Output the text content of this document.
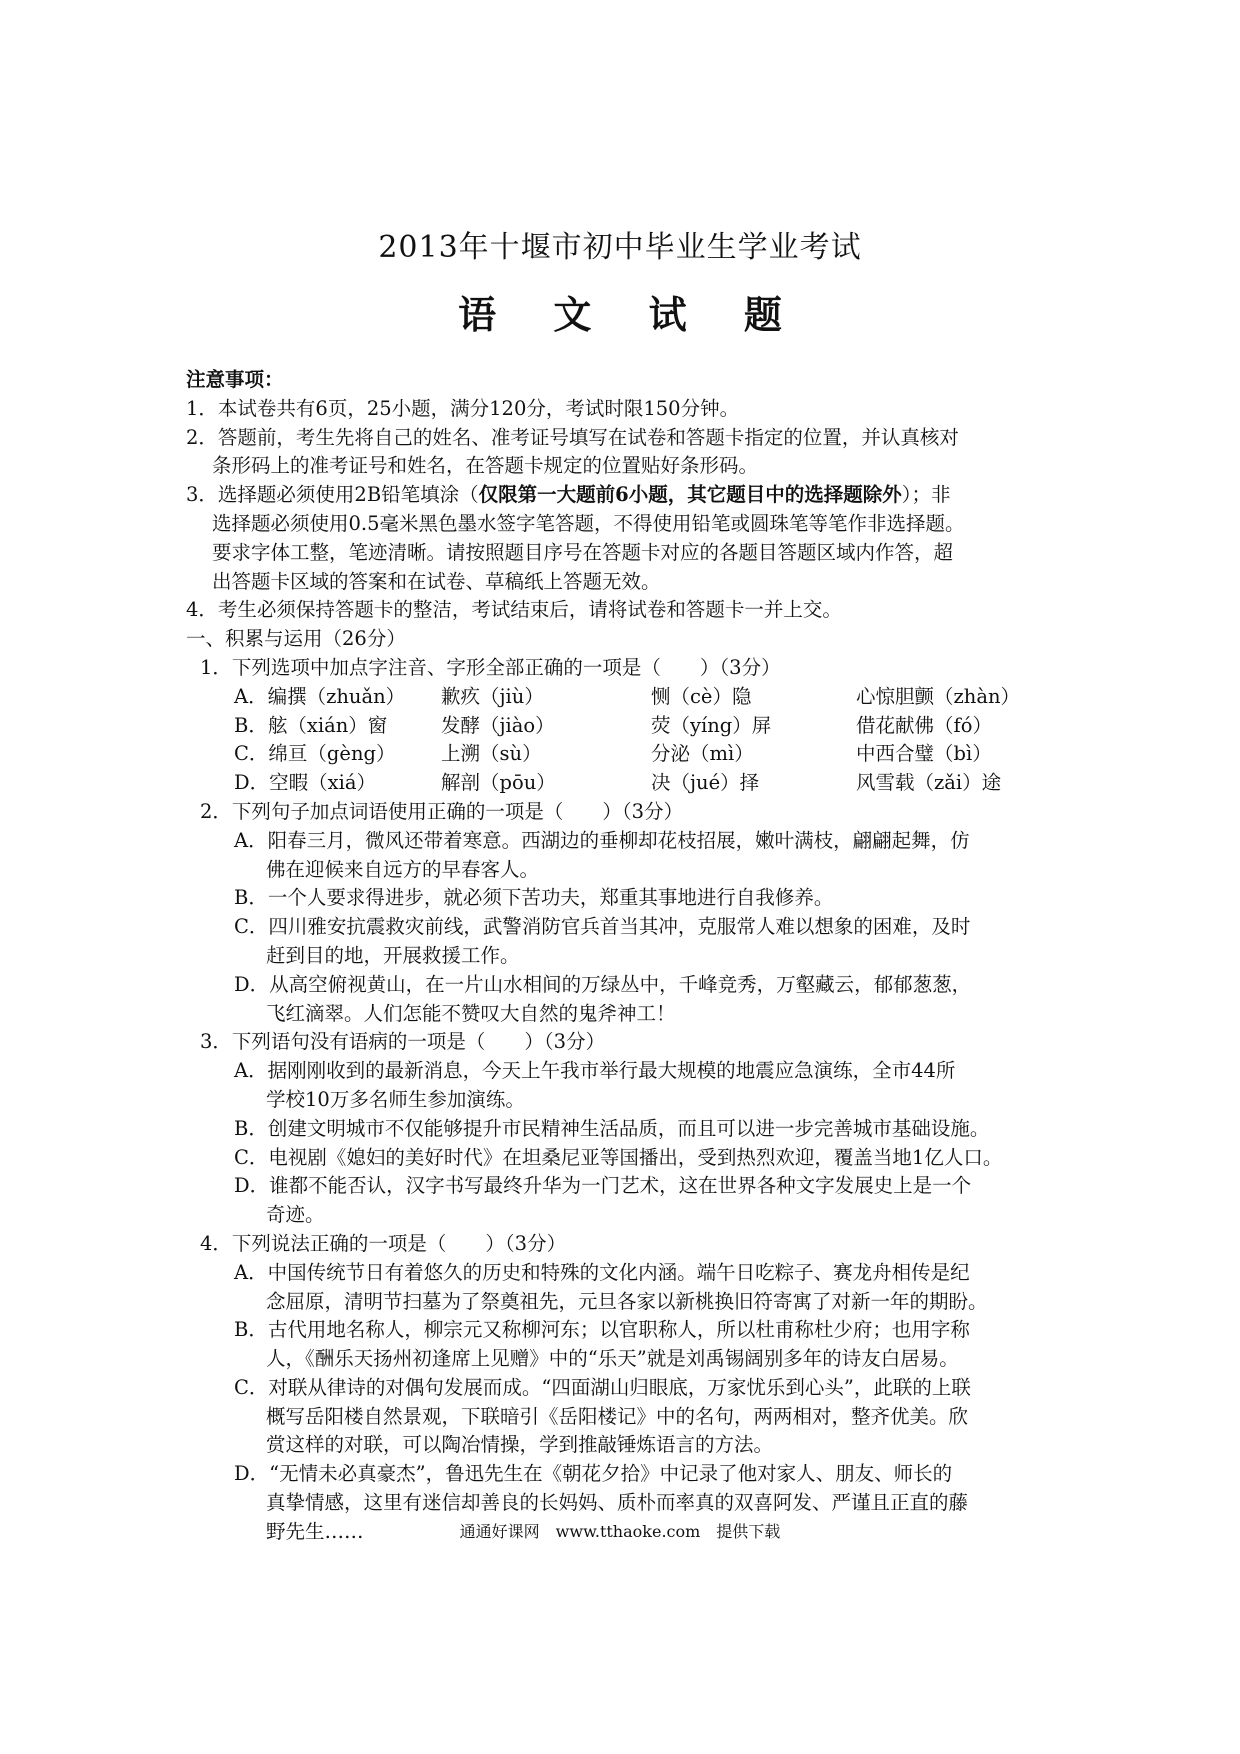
2013年十堰市初中毕业生学业考试
语 文 试 题
注意事项：
1．本试卷共有6页，25小题，满分120分，考试时限150分钟。
2．答题前，考生先将自己的姓名、准考证号填写在试卷和答题卡指定的位置，并认真核对
条形码上的准考证号和姓名，在答题卡规定的位置贴好条形码。
3．选择题必须使用2B铅笔填涂（仅限第一大题前6小题，其它题目中的选择题除外）；非
选择题必须使用0.5毫米黑色墨水签字笔答题，不得使用铅笔或圆珠笔等笔作非选择题。
要求字体工整，笔迹清晰。请按照题目序号在答题卡对应的各题目答题区域内作答，超
出答题卡区域的答案和在试卷、草稿纸上答题无效。
4．考生必须保持答题卡的整洁，考试结束后，请将试卷和答题卡一并上交。
一、积累与运用（26分）
1．下列选项中加点字注音、字形全部正确的一项是（　　）（3分）
A．编撰（zhuǎn）	歉疚（jiù）	恻（cè）隐	心惊胆颤（zhàn）
B．舷（xián）窗	发酵（jiào）	荧（yíng）屏	借花献佛（fó）
C．绵亘（gèng）	上溯（sù）	分泌（mì）	中西合璧（bì）
D．空暇（xiá）	解剖（pōu）	决（jué）择	风雪载（zǎi）途
2．下列句子加点词语使用正确的一项是（　　）（3分）
A．阳春三月，微风还带着寒意。西湖边的垂柳却花枝招展，嫩叶满枝，翩翩起舞，仿
佛在迎候来自远方的早春客人。
B．一个人要求得进步，就必须下苦功夫，郑重其事地进行自我修养。
C．四川雅安抗震救灾前线，武警消防官兵首当其冲，克服常人难以想象的困难，及时
赶到目的地，开展救援工作。
D．从高空俯视黄山，在一片山水相间的万绿丛中，千峰竞秀，万壑藏云，郁郁葱葱，
飞红滴翠。人们怎能不赞叹大自然的鬼斧神工！
3．下列语句没有语病的一项是（　　）（3分）
A．据刚刚收到的最新消息，今天上午我市举行最大规模的地震应急演练，全市44所
学校10万多名师生参加演练。
B．创建文明城市不仅能够提升市民精神生活品质，而且可以进一步完善城市基础设施。
C．电视剧《媳妇的美好时代》在坦桑尼亚等国播出，受到热烈欢迎，覆盖当地1亿人口。
D．谁都不能否认，汉字书写最终升华为一门艺术，这在世界各种文字发展史上是一个
奇迹。
4．下列说法正确的一项是（　　）（3分）
A．中国传统节日有着悠久的历史和特殊的文化内涵。端午日吃粽子、赛龙舟相传是纪
念屈原，清明节扫墓为了祭奠祖先，元旦各家以新桃换旧符寄寓了对新一年的期盼。
B．古代用地名称人，柳宗元又称柳河东；以官职称人，所以杜甫称杜少府；也用字称
人，《酬乐天扬州初逢席上见赠》中的“乐天”就是刘禹锡阔别多年的诗友白居易。
C．对联从律诗的对偶句发展而成。“四面湖山归眼底，万家忧乐到心头”，此联的上联
概写岳阳楼自然景观，下联暗引《岳阳楼记》中的名句，两两相对，整齐优美。欣
赏这样的对联，可以陶冶情操，学到推敲锤炼语言的方法。
D．“无情未必真豪杰”，鲁迅先生在《朝花夕拾》中记录了他对家人、朋友、师长的
真挚情感，这里有迷信却善良的长妈妈、质朴而率真的双喜阿发、严谨且正直的藤
野先生……	通通好课网　www.tthaoke.com　提供下载
